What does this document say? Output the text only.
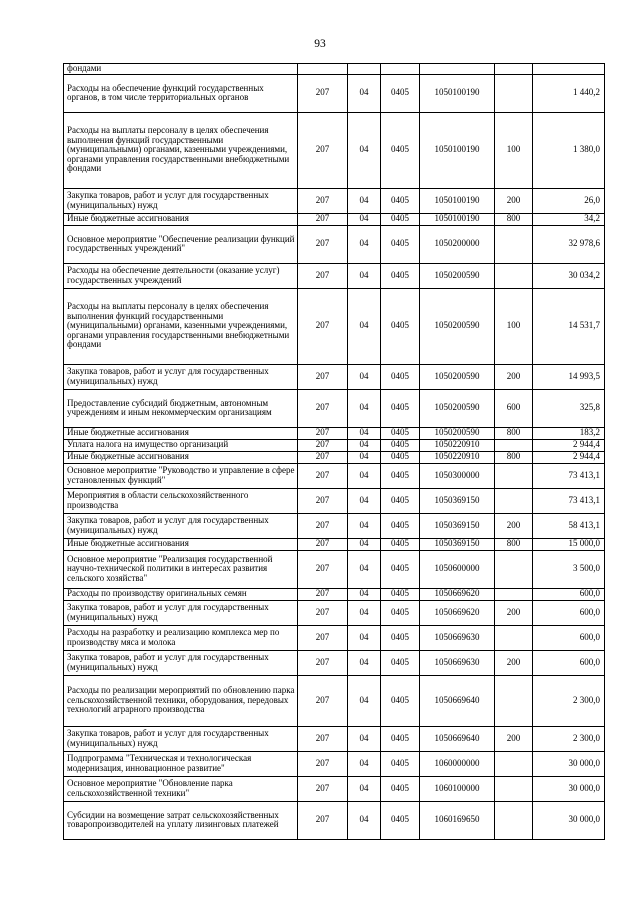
93
фондами						
Расходы на обеспечение функций государственных органов, в том числе территориальных органов	207	04	0405	1050100190		1 440,2
Расходы на выплаты персоналу в целях обеспечения выполнения функций государственными (муниципальными) органами, казенными учреждениями, органами управления государственными внебюджетными фондами	207	04	0405	1050100190	100	1 380,0
Закупка товаров, работ и услуг для государственных (муниципальных) нужд	207	04	0405	1050100190	200	26,0
Иные бюджетные ассигнования	207	04	0405	1050100190	800	34,2
Основное мероприятие "Обеспечение реализации функций государственных учреждений"	207	04	0405	1050200000		32 978,6
Расходы на обеспечение деятельности (оказание услуг) государственных учреждений	207	04	0405	1050200590		30 034,2
Расходы на выплаты персоналу в целях обеспечения выполнения функций государственными (муниципальными) органами, казенными учреждениями, органами управления государственными внебюджетными фондами	207	04	0405	1050200590	100	14 531,7
Закупка товаров, работ и услуг для государственных (муниципальных) нужд	207	04	0405	1050200590	200	14 993,5
Предоставление субсидий бюджетным, автономным учреждениям и иным некоммерческим организациям	207	04	0405	1050200590	600	325,8
Иные бюджетные ассигнования	207	04	0405	1050200590	800	183,2
Уплата налога на имущество организаций	207	04	0405	1050220910		2 944,4
Иные бюджетные ассигнования	207	04	0405	1050220910	800	2 944,4
Основное мероприятие "Руководство и управление в сфере установленных функций"	207	04	0405	1050300000		73 413,1
Мероприятия в области сельскохозяйственного производства	207	04	0405	1050369150		73 413,1
Закупка товаров, работ и услуг для государственных (муниципальных) нужд	207	04	0405	1050369150	200	58 413,1
Иные бюджетные ассигнования	207	04	0405	1050369150	800	15 000,0
Основное мероприятие "Реализация государственной научно-технической политики в интересах развития сельского хозяйства"	207	04	0405	1050600000		3 500,0
Расходы по производству оригинальных семян	207	04	0405	1050669620		600,0
Закупка товаров, работ и услуг для государственных (муниципальных) нужд	207	04	0405	1050669620	200	600,0
Расходы на разработку и реализацию комплекса мер по производству мяса и молока	207	04	0405	1050669630		600,0
Закупка товаров, работ и услуг для государственных (муниципальных) нужд	207	04	0405	1050669630	200	600,0
Расходы по реализации мероприятий по обновлению парка сельскохозяйственной техники, оборудования, передовых технологий аграрного производства	207	04	0405	1050669640		2 300,0
Закупка товаров, работ и услуг для государственных (муниципальных) нужд	207	04	0405	1050669640	200	2 300,0
Подпрограмма "Техническая и технологическая модернизация, инновационное развитие"	207	04	0405	1060000000		30 000,0
Основное мероприятие "Обновление парка сельскохозяйственной техники"	207	04	0405	1060100000		30 000,0
Субсидии на возмещение затрат сельскохозяйственных товаропроизводителей на уплату лизинговых платежей	207	04	0405	1060169650		30 000,0
